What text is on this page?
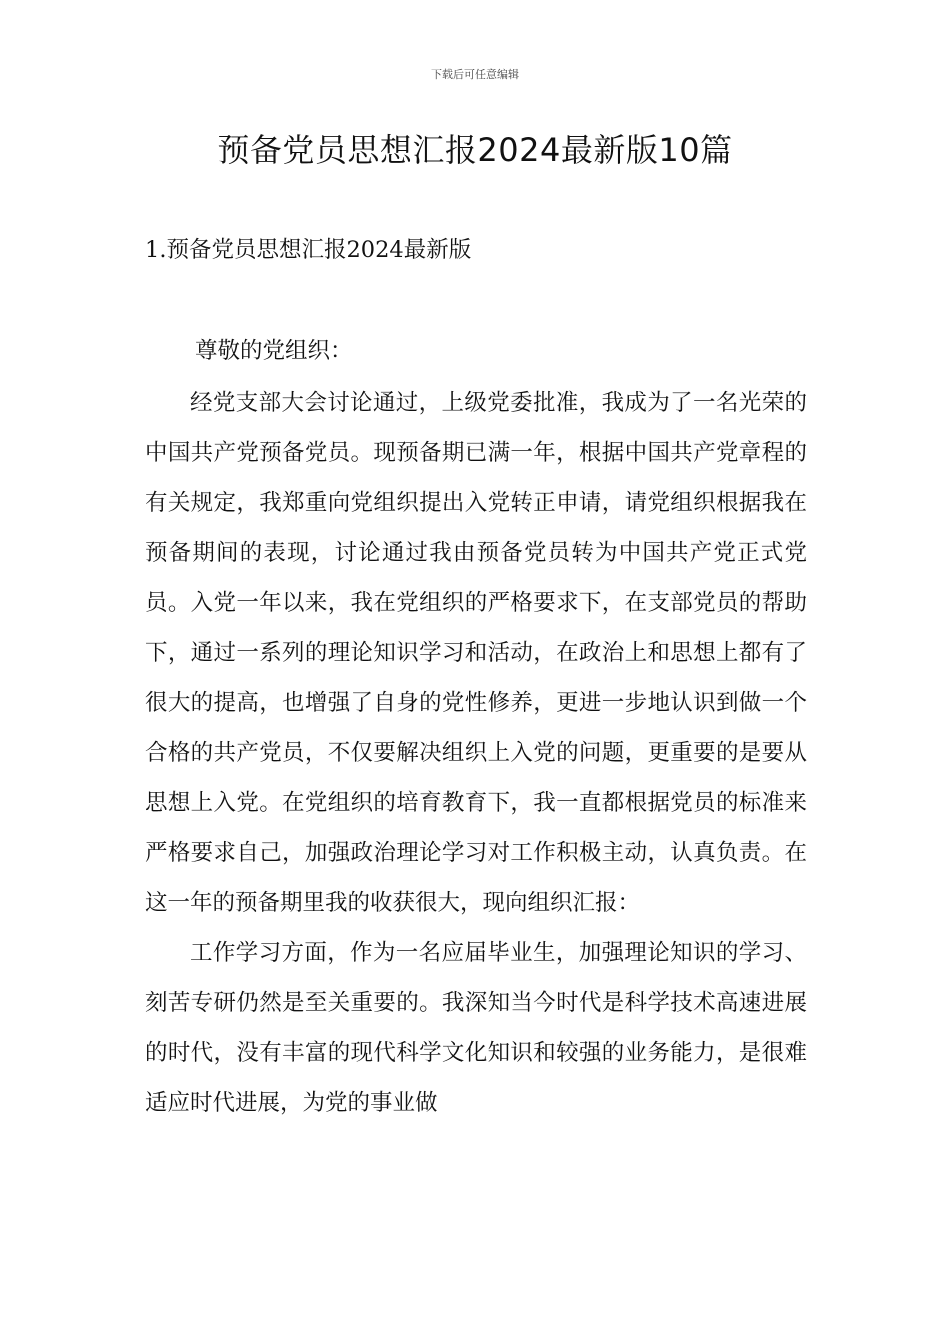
下载后可任意编辑
预备党员思想汇报2024最新版10篇
1.预备党员思想汇报2024最新版

尊敬的党组织：

经党支部大会讨论通过，上级党委批准，我成为了一名光荣的中国共产党预备党员。现预备期已满一年，根据中国共产党章程的有关规定，我郑重向党组织提出入党转正申请，请党组织根据我在预备期间的表现，讨论通过我由预备党员转为中国共产党正式党员。入党一年以来，我在党组织的严格要求下，在支部党员的帮助下，通过一系列的理论知识学习和活动，在政治上和思想上都有了很大的提高，也增强了自身的党性修养，更进一步地认识到做一个合格的共产党员，不仅要解决组织上入党的问题，更重要的是要从思想上入党。在党组织的培育教育下，我一直都根据党员的标准来严格要求自己，加强政治理论学习对工作积极主动，认真负责。在这一年的预备期里我的收获很大，现向组织汇报：

工作学习方面，作为一名应届毕业生，加强理论知识的学习、刻苦专研仍然是至关重要的。我深知当今时代是科学技术高速进展的时代，没有丰富的现代科学文化知识和较强的业务能力，是很难适应时代进展，为党的事业做
